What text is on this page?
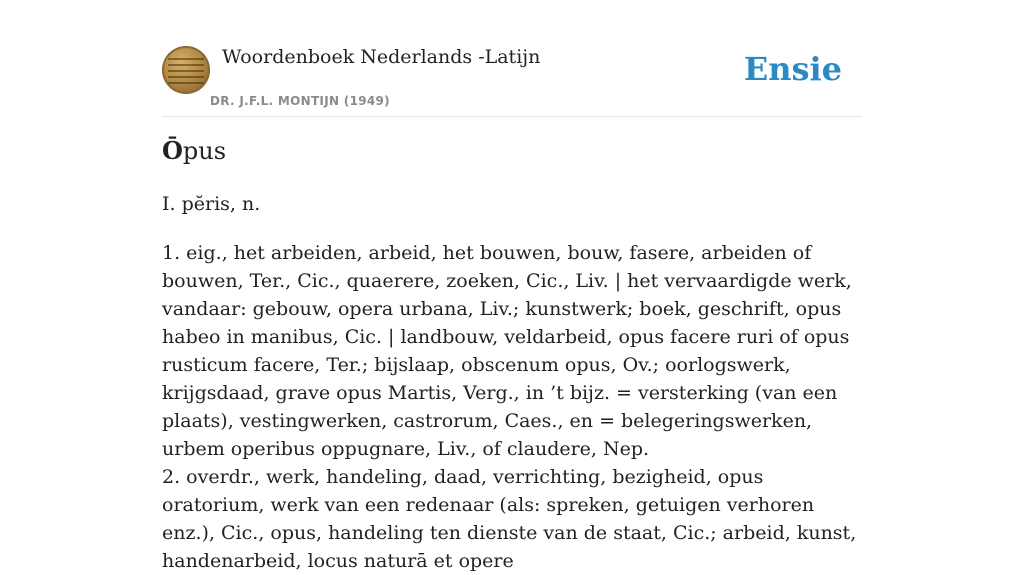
Woordenboek Nederlands -Latijn
DR. J.F.L. MONTIJN (1949)
Ensie
Ōpus
I. pĕris, n.

1. eig., het arbeiden, arbeid, het bouwen, bouw, fasere, arbeiden of bouwen, Ter., Cic., quaerere, zoeken, Cic., Liv. | het vervaardigde werk, vandaar: gebouw, opera urbana, Liv.; kunstwerk; boek, geschrift, opus habeo in manibus, Cic. | landbouw, veldarbeid, opus facere ruri of opus rusticum facere, Ter.; bijslaap, obscenum opus, Ov.; oorlogswerk, krijgsdaad, grave opus Martis, Verg., in ’t bijz. = versterking (van een plaats), vestingwerken, castrorum, Caes., en = belegeringswerken, urbem operibus oppugnare, Liv., of claudere, Nep.

2. overdr., werk, handeling, daad, verrichting, bezigheid, opus oratorium, werk van een redenaar (als: spreken, getuigen verhoren enz.), Cic., opus, handeling ten dienste van de staat, Cic.; arbeid, kunst, handenarbeid, locus naturā et opere
